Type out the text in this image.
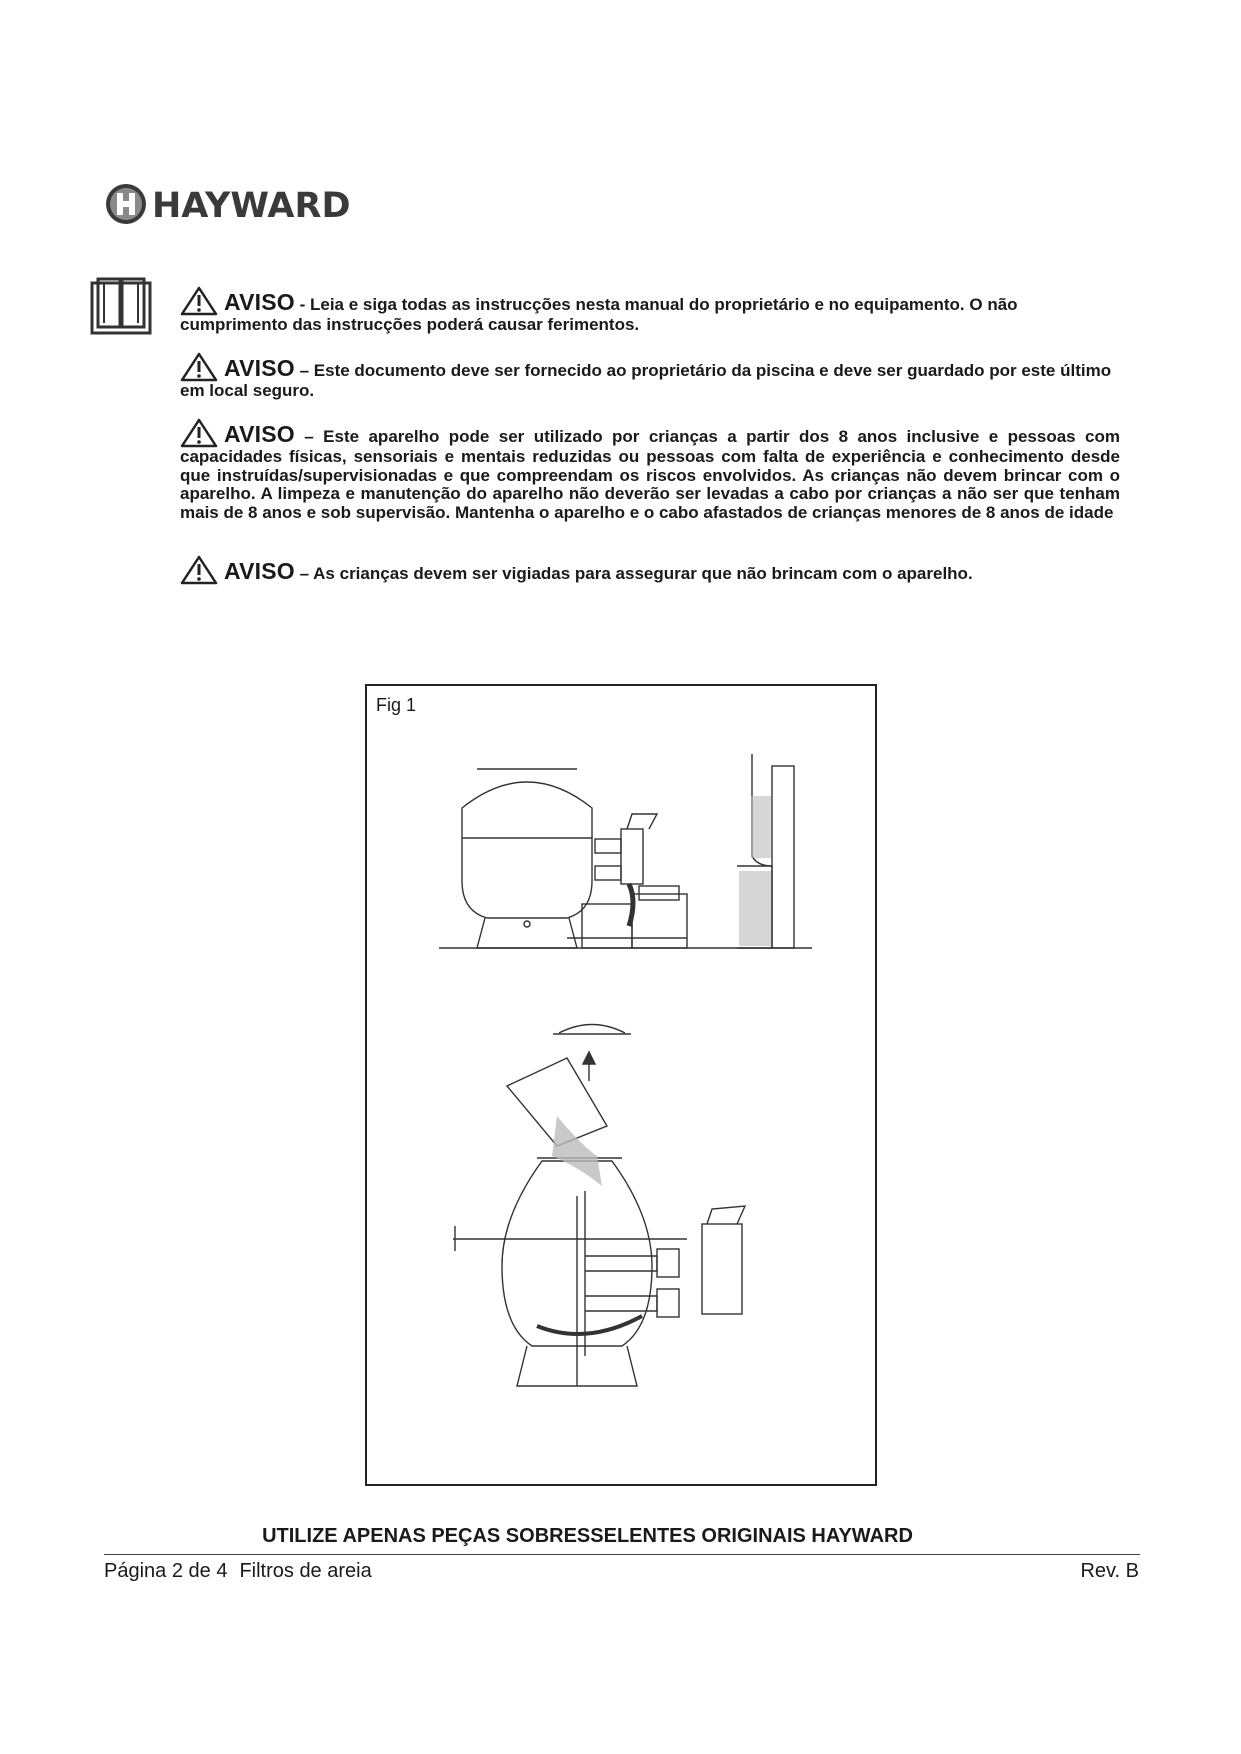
HAYWARD

AVISO - Leia e siga todas as instrucções nesta manual do proprietário e no equipamento. O não cumprimento das instrucções poderá causar ferimentos.

AVISO – Este documento deve ser fornecido ao proprietário da piscina e deve ser guardado por este último em local seguro.

AVISO – Este aparelho pode ser utilizado por crianças a partir dos 8 anos inclusive e pessoas com capacidades físicas, sensoriais e mentais reduzidas ou pessoas com falta de experiência e conhecimento desde que instruídas/supervisionadas e que compreendam os riscos envolvidos. As crianças não devem brincar com o aparelho. A limpeza e manutenção do aparelho não deverão ser levadas a cabo por crianças a não ser que tenham mais de 8 anos e sob supervisão. Mantenha o aparelho e o cabo afastados de crianças menores de 8 anos de idade

AVISO – As crianças devem ser vigiadas para assegurar que não brincam com o aparelho.

Fig 1
UTILIZE APENAS PEÇAS SOBRESSELENTES ORIGINAIS HAYWARD
Página 2 de 4 Filtros de areia	Rev. B
